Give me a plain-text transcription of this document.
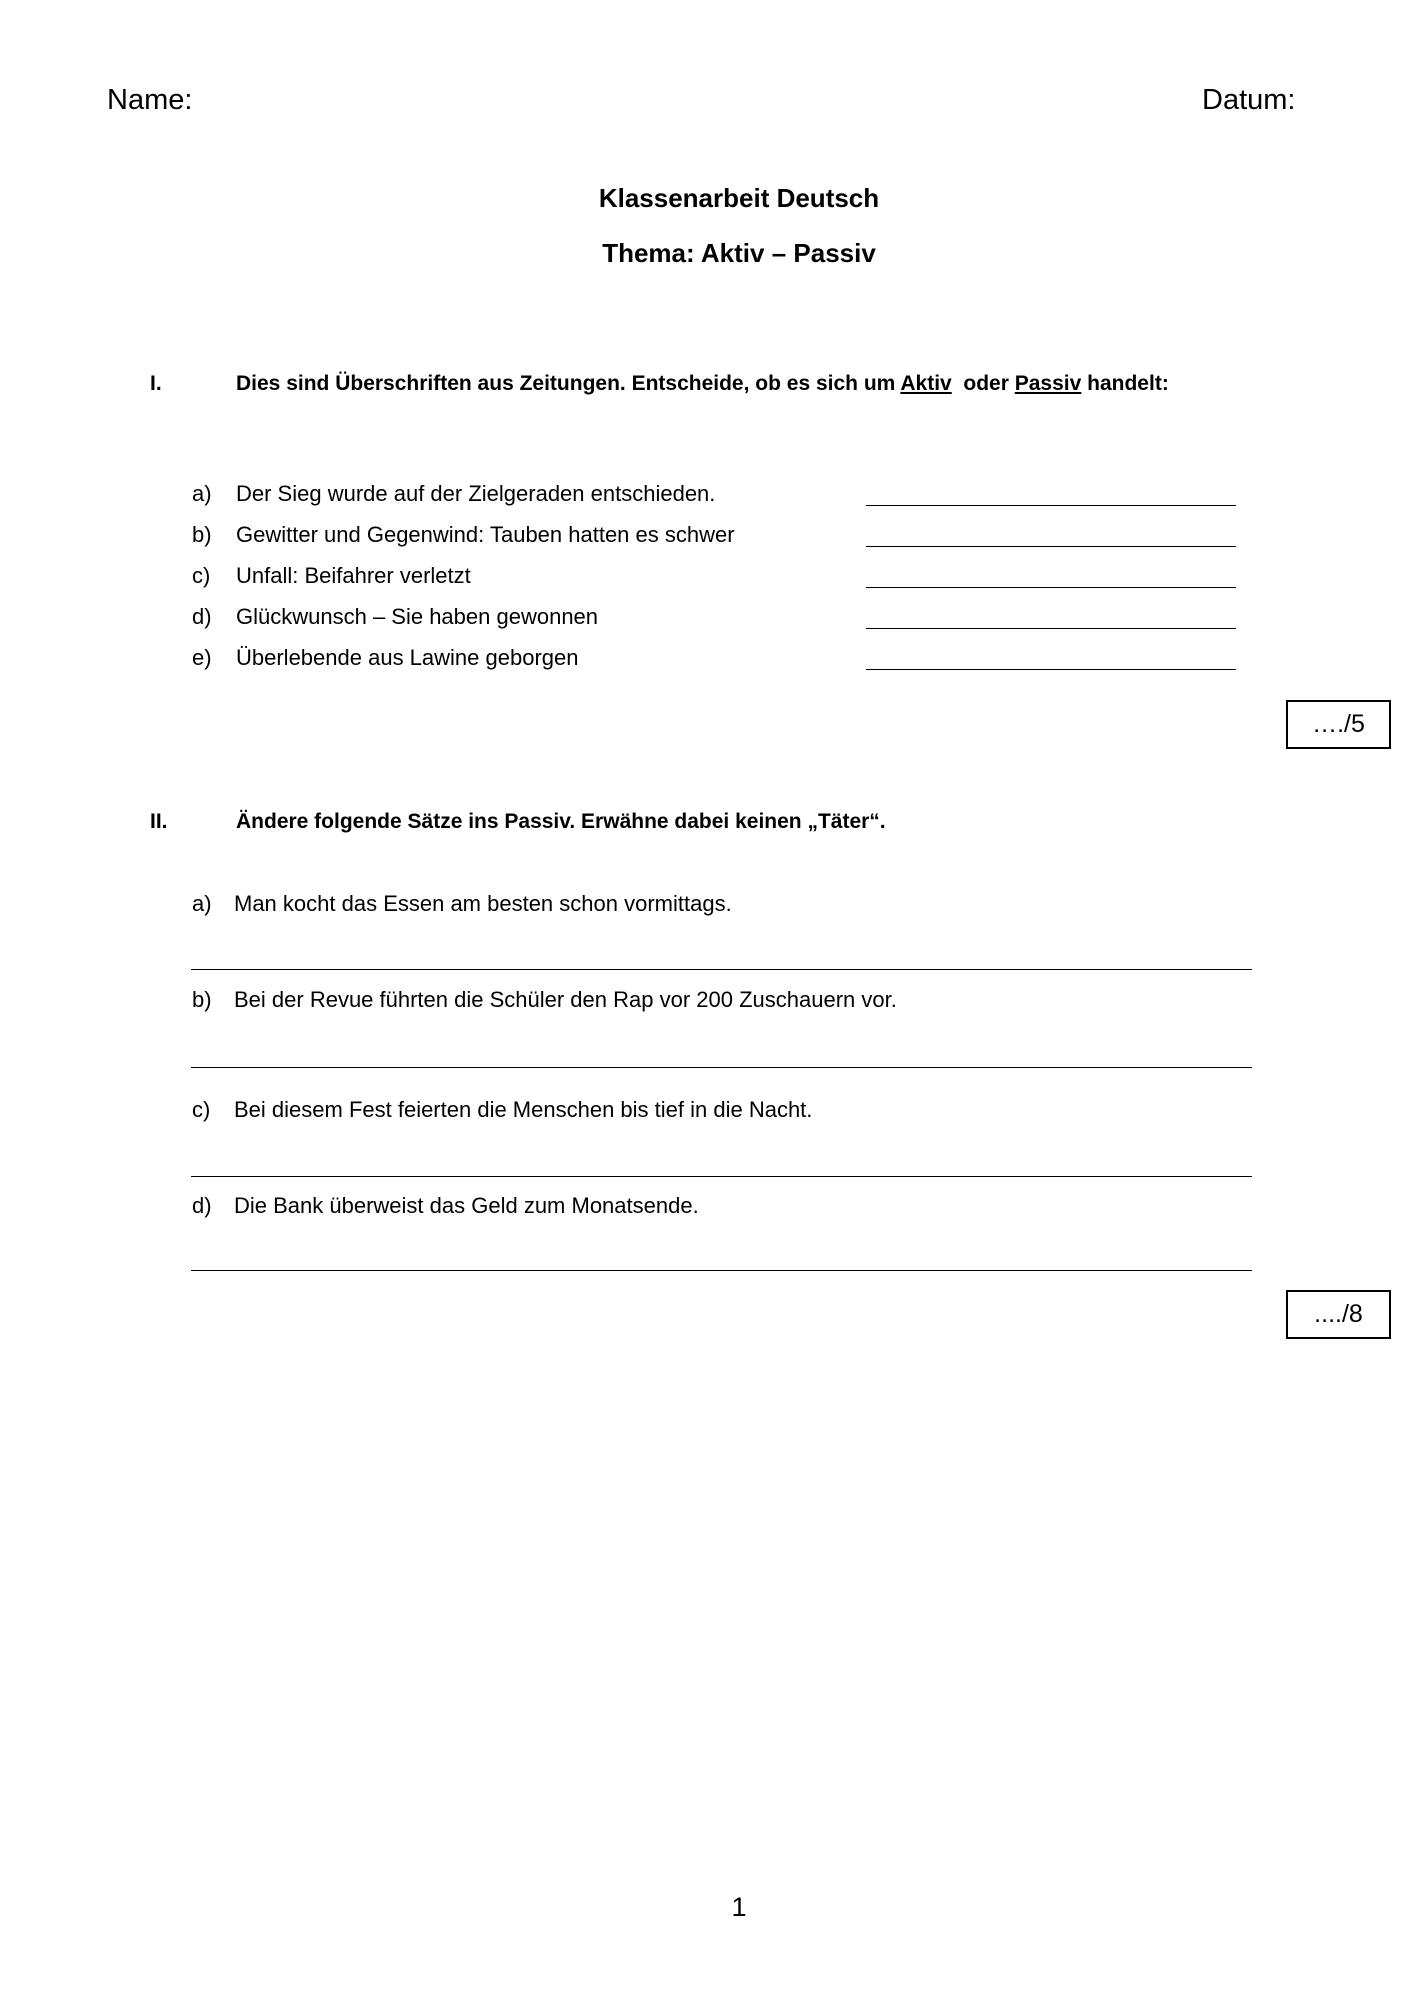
Name:	Datum:
Klassenarbeit Deutsch
Thema: Aktiv – Passiv
I.	Dies sind Überschriften aus Zeitungen. Entscheide, ob es sich um Aktiv  oder Passiv handelt:
a) Der Sieg wurde auf der Zielgeraden entschieden.
b) Gewitter und Gegenwind: Tauben hatten es schwer
c) Unfall: Beifahrer verletzt
d) Glückwunsch – Sie haben gewonnen
e) Überlebende aus Lawine geborgen
…./5
II.	Ändere folgende Sätze ins Passiv. Erwähne dabei keinen „Täter“.
a) Man kocht das Essen am besten schon vormittags.
b) Bei der Revue führten die Schüler den Rap vor 200 Zuschauern vor.
c) Bei diesem Fest feierten die Menschen bis tief in die Nacht.
d) Die Bank überweist das Geld zum Monatsende.
..../8
1
